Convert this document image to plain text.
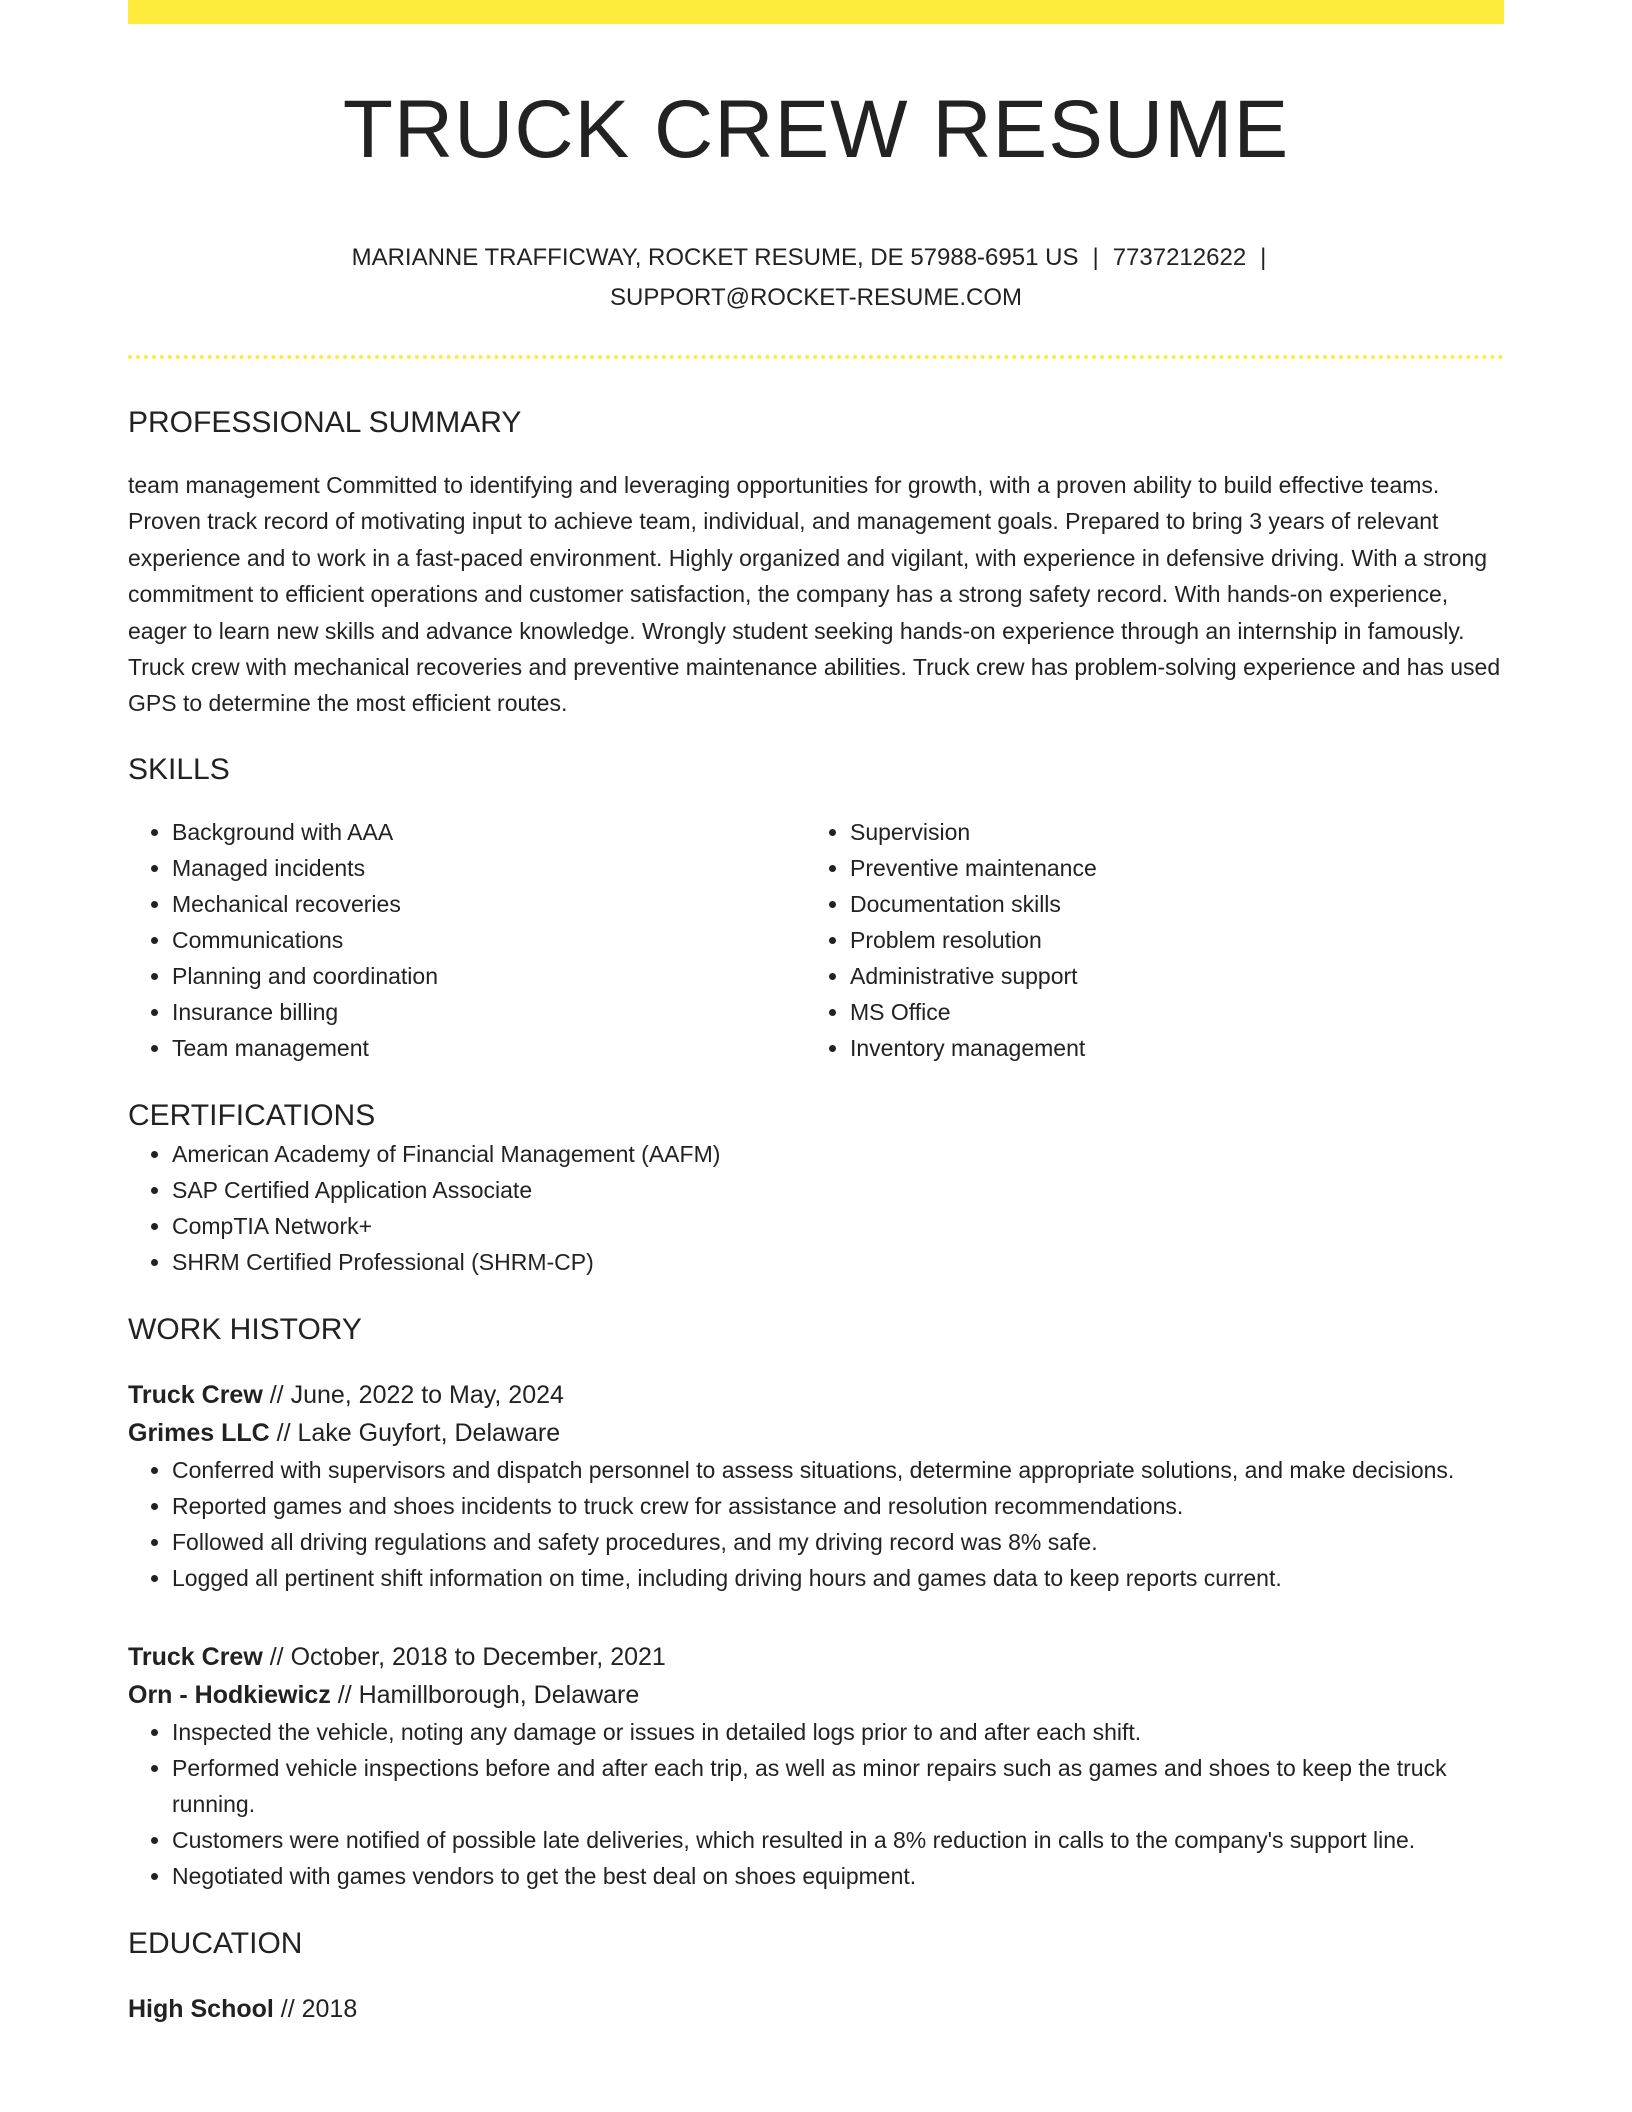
TRUCK CREW RESUME
MARIANNE TRAFFICWAY, ROCKET RESUME, DE 57988-6951 US | 7737212622 |
SUPPORT@ROCKET-RESUME.COM
PROFESSIONAL SUMMARY

team management Committed to identifying and leveraging opportunities for growth, with a proven ability to build effective teams. Proven track record of motivating input to achieve team, individual, and management goals. Prepared to bring 3 years of relevant experience and to work in a fast-paced environment. Highly organized and vigilant, with experience in defensive driving. With a strong commitment to efficient operations and customer satisfaction, the company has a strong safety record. With hands-on experience, eager to learn new skills and advance knowledge. Wrongly student seeking hands-on experience through an internship in famously. Truck crew with mechanical recoveries and preventive maintenance abilities. Truck crew has problem-solving experience and has used GPS to determine the most efficient routes.

SKILLS
• Background with AAA
• Managed incidents
• Mechanical recoveries
• Communications
• Planning and coordination
• Insurance billing
• Team management
• Supervision
• Preventive maintenance
• Documentation skills
• Problem resolution
• Administrative support
• MS Office
• Inventory management
CERTIFICATIONS
• American Academy of Financial Management (AAFM)
• SAP Certified Application Associate
• CompTIA Network+
• SHRM Certified Professional (SHRM-CP)
WORK HISTORY
Truck Crew // June, 2022 to May, 2024
Grimes LLC // Lake Guyfort, Delaware
• Conferred with supervisors and dispatch personnel to assess situations, determine appropriate solutions, and make decisions.
• Reported games and shoes incidents to truck crew for assistance and resolution recommendations.
• Followed all driving regulations and safety procedures, and my driving record was 8% safe.
• Logged all pertinent shift information on time, including driving hours and games data to keep reports current.
Truck Crew // October, 2018 to December, 2021
Orn - Hodkiewicz // Hamillborough, Delaware
• Inspected the vehicle, noting any damage or issues in detailed logs prior to and after each shift.
• Performed vehicle inspections before and after each trip, as well as minor repairs such as games and shoes to keep the truck running.
• Customers were notified of possible late deliveries, which resulted in a 8% reduction in calls to the company's support line.
• Negotiated with games vendors to get the best deal on shoes equipment.
EDUCATION
High School // 2018
